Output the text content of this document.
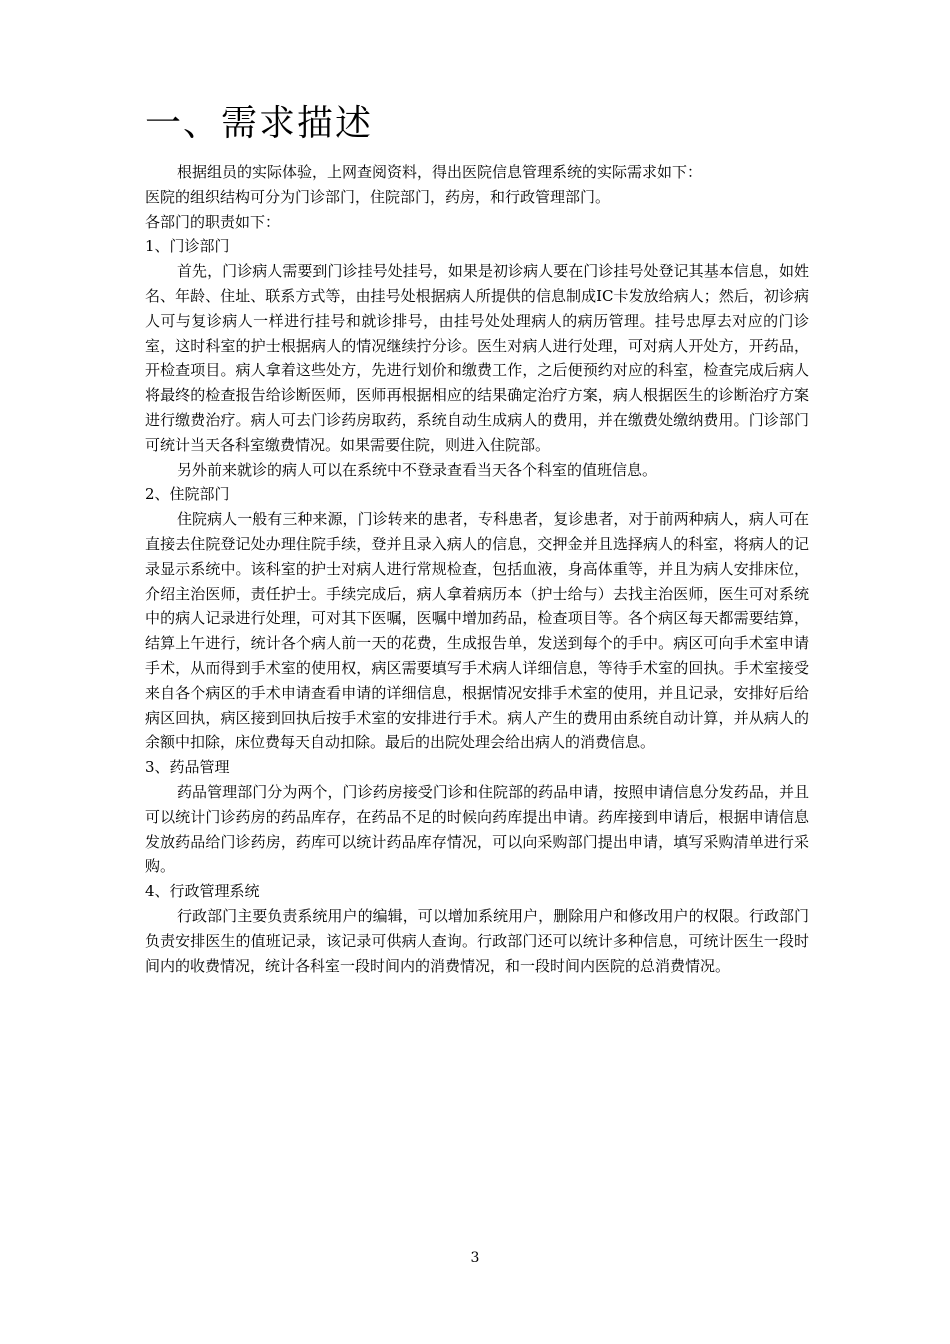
一、需求描述

根据组员的实际体验，上网查阅资料，得出医院信息管理系统的实际需求如下：

医院的组织结构可分为门诊部门，住院部门，药房，和行政管理部门。

各部门的职责如下：

1、门诊部门

首先，门诊病人需要到门诊挂号处挂号，如果是初诊病人要在门诊挂号处登记其基本信息，如姓名、年龄、住址、联系方式等，由挂号处根据病人所提供的信息制成IC卡发放给病人；然后，初诊病人可与复诊病人一样进行挂号和就诊排号，由挂号处处理病人的病历管理。挂号忠厚去对应的门诊室，这时科室的护士根据病人的情况继续拧分诊。医生对病人进行处理，可对病人开处方，开药品，开检查项目。病人拿着这些处方，先进行划价和缴费工作，之后便预约对应的科室，检查完成后病人将最终的检查报告给诊断医师，医师再根据相应的结果确定治疗方案，病人根据医生的诊断治疗方案进行缴费治疗。病人可去门诊药房取药，系统自动生成病人的费用，并在缴费处缴纳费用。门诊部门可统计当天各科室缴费情况。如果需要住院，则进入住院部。

另外前来就诊的病人可以在系统中不登录查看当天各个科室的值班信息。

2、住院部门

住院病人一般有三种来源，门诊转来的患者，专科患者，复诊患者，对于前两种病人，病人可在直接去住院登记处办理住院手续，登并且录入病人的信息，交押金并且选择病人的科室，将病人的记录显示系统中。该科室的护士对病人进行常规检查，包括血液，身高体重等，并且为病人安排床位，介绍主治医师，责任护士。手续完成后，病人拿着病历本（护士给与）去找主治医师，医生可对系统中的病人记录进行处理，可对其下医嘱，医嘱中增加药品，检查项目等。各个病区每天都需要结算，结算上午进行，统计各个病人前一天的花费，生成报告单，发送到每个的手中。病区可向手术室申请手术，从而得到手术室的使用权，病区需要填写手术病人详细信息，等待手术室的回执。手术室接受来自各个病区的手术申请查看申请的详细信息，根据情况安排手术室的使用，并且记录，安排好后给病区回执，病区接到回执后按手术室的安排进行手术。病人产生的费用由系统自动计算，并从病人的余额中扣除，床位费每天自动扣除。最后的出院处理会给出病人的消费信息。

3、药品管理

药品管理部门分为两个，门诊药房接受门诊和住院部的药品申请，按照申请信息分发药品，并且可以统计门诊药房的药品库存，在药品不足的时候向药库提出申请。药库接到申请后，根据申请信息发放药品给门诊药房，药库可以统计药品库存情况，可以向采购部门提出申请，填写采购清单进行采购。

4、行政管理系统

行政部门主要负责系统用户的编辑，可以增加系统用户，删除用户和修改用户的权限。行政部门负责安排医生的值班记录，该记录可供病人查询。行政部门还可以统计多种信息，可统计医生一段时间内的收费情况，统计各科室一段时间内的消费情况，和一段时间内医院的总消费情况。

3
